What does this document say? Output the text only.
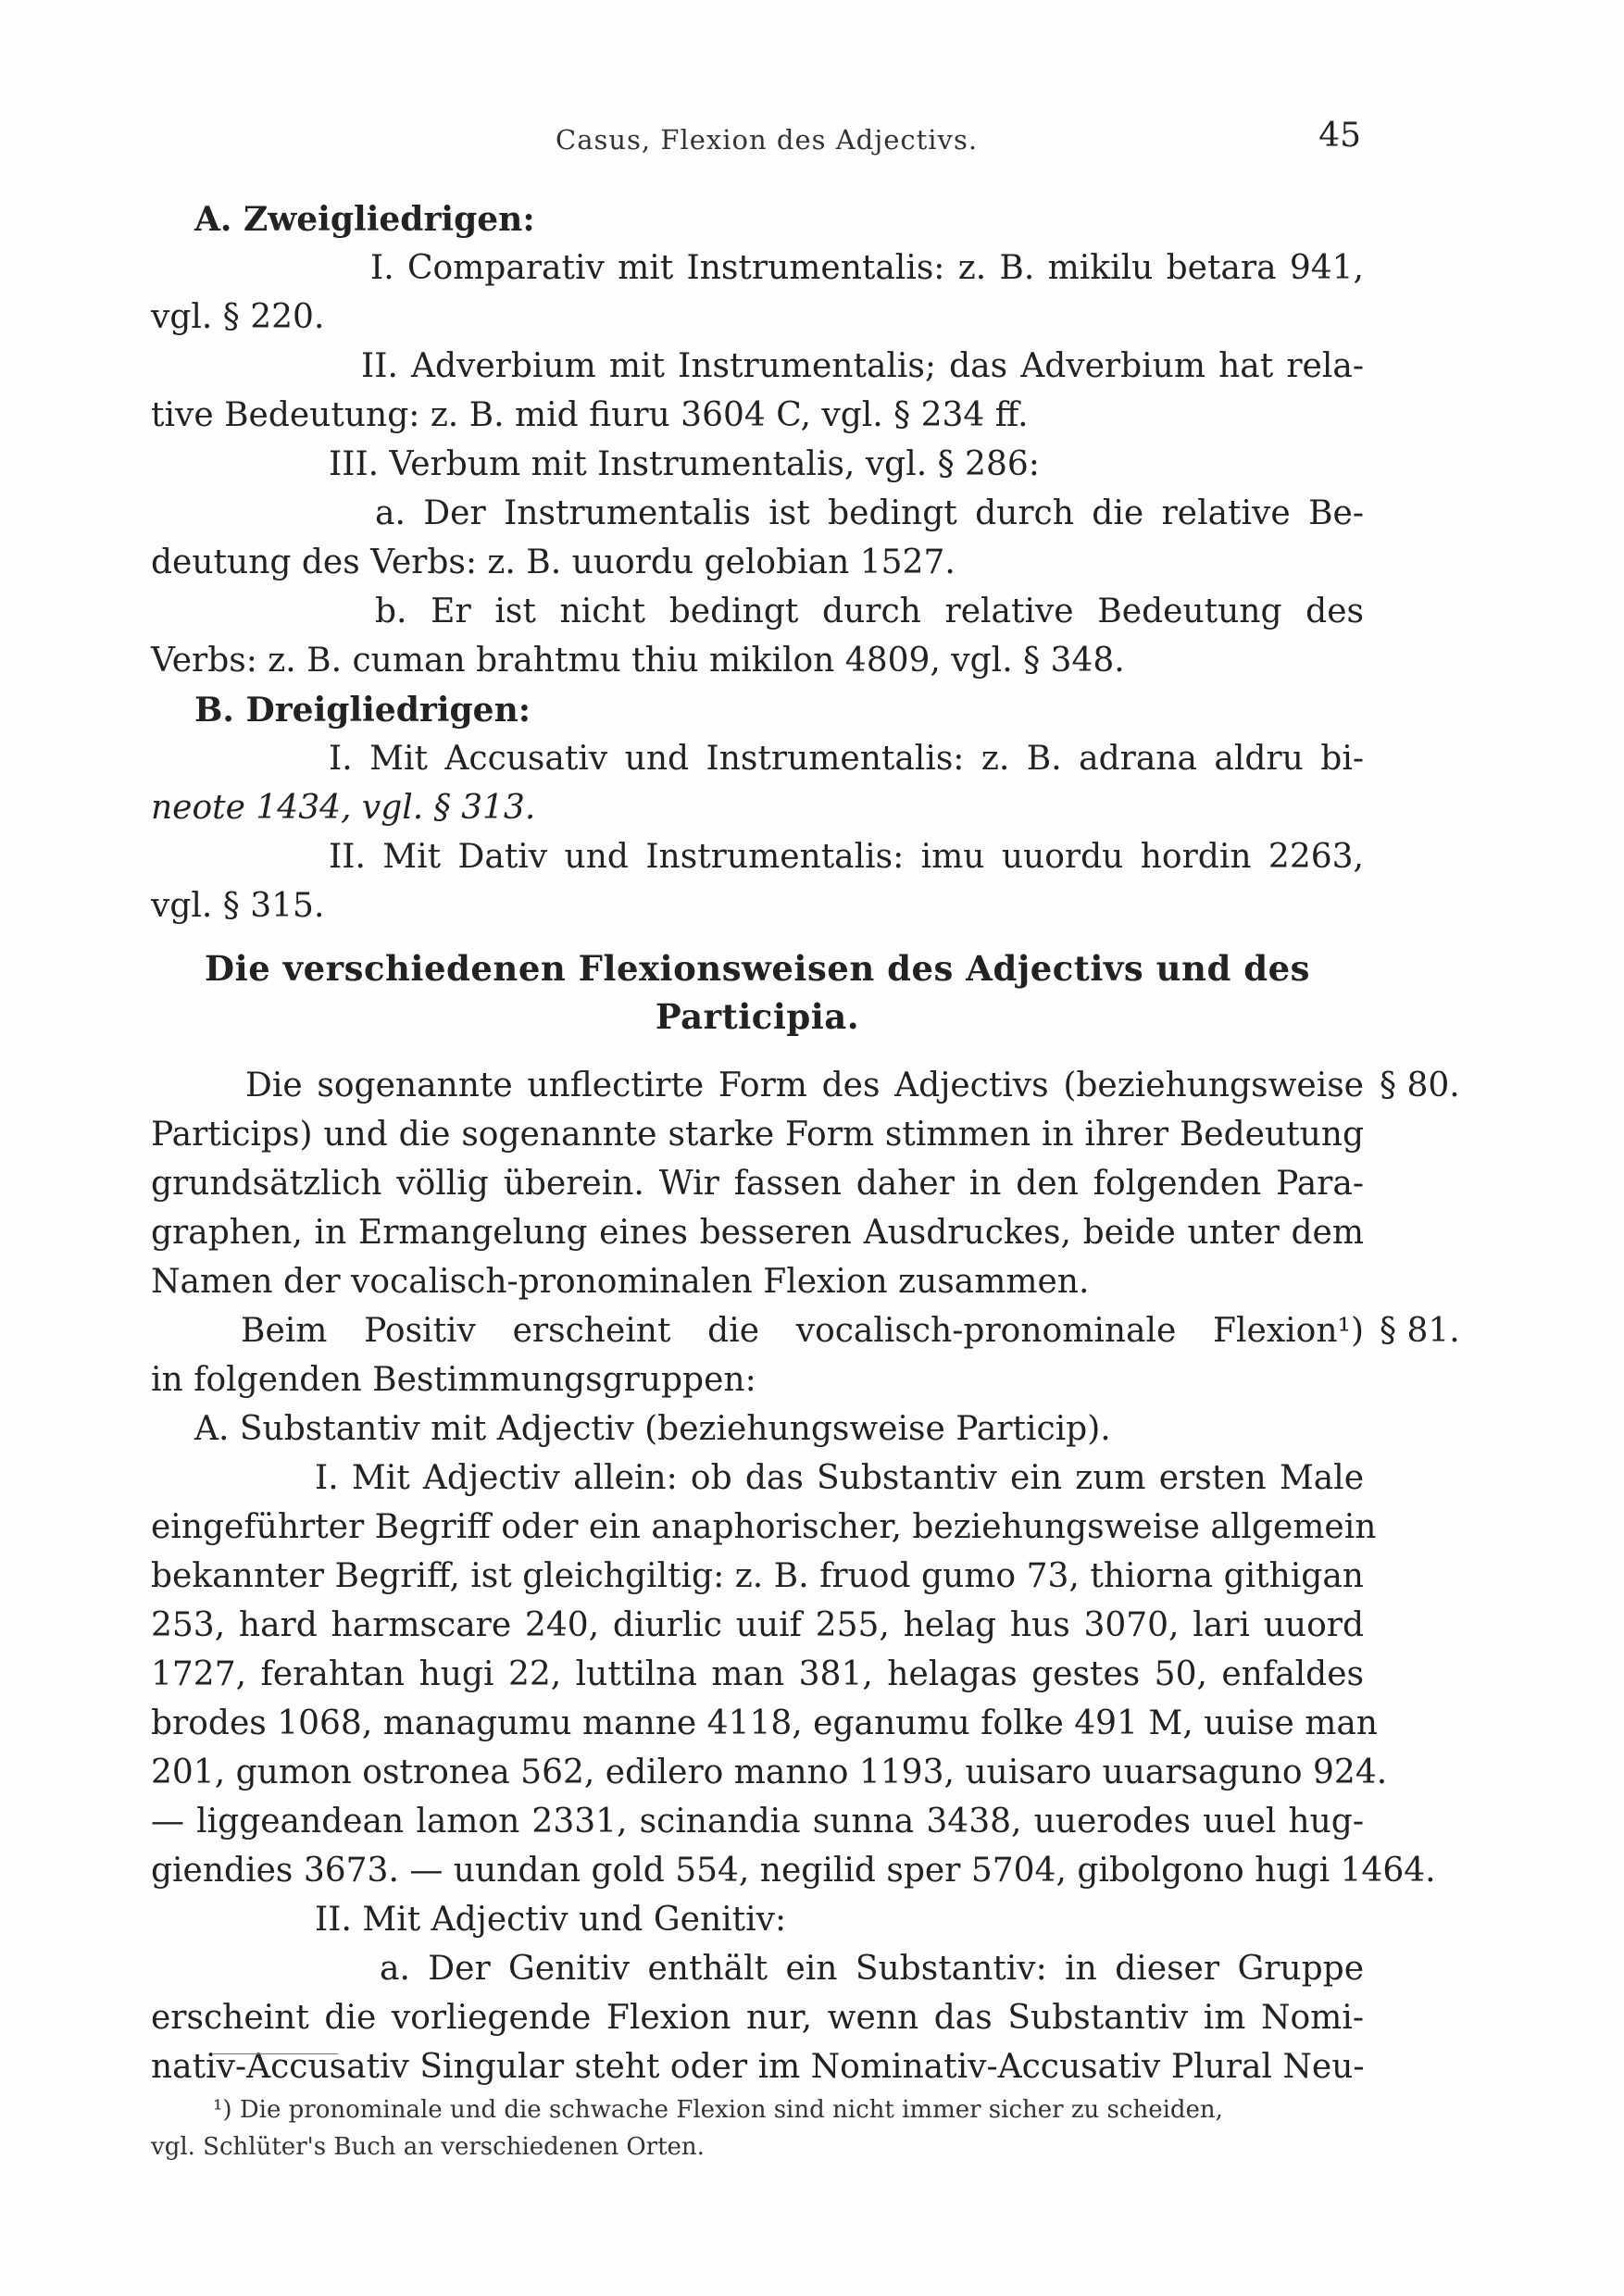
Casus, Flexion des Adjectivs.	45
A. Zweigliedrigen:
I. Comparativ mit Instrumentalis: z. B. mikilu betara 941,
vgl. § 220.
II. Adverbium mit Instrumentalis; das Adverbium hat rela-
tive Bedeutung: z. B. mid fiuru 3604 C, vgl. § 234 ff.
III. Verbum mit Instrumentalis, vgl. § 286:
a. Der Instrumentalis ist bedingt durch die relative Be-
deutung des Verbs: z. B. uuordu gelobian 1527.
b. Er ist nicht bedingt durch relative Bedeutung des
Verbs: z. B. cuman brahtmu thiu mikilon 4809, vgl. § 348.
B. Dreigliedrigen:
I. Mit Accusativ und Instrumentalis: z. B. adrana aldru bi-
neote 1434, vgl. § 313.
II. Mit Dativ und Instrumentalis: imu uuordu hordin 2263,
vgl. § 315.
Die verschiedenen Flexionsweisen des Adjectivs und des
Participia.
Die sogenannte unflectirte Form des Adjectivs (beziehungsweise § 80.
Particips) und die sogenannte starke Form stimmen in ihrer Bedeutung
grundsätzlich völlig überein. Wir fassen daher in den folgenden Para-
graphen, in Ermangelung eines besseren Ausdruckes, beide unter dem
Namen der vocalisch-pronominalen Flexion zusammen.
Beim Positiv erscheint die vocalisch-pronominale Flexion¹) § 81.
in folgenden Bestimmungsgruppen:
A. Substantiv mit Adjectiv (beziehungsweise Particip).
I. Mit Adjectiv allein: ob das Substantiv ein zum ersten Male
eingeführter Begriff oder ein anaphorischer, beziehungsweise allgemein
bekannter Begriff, ist gleichgiltig: z. B. fruod gumo 73, thiorna githigan
253, hard harmscare 240, diurlic uuif 255, helag hus 3070, lari uuord
1727, ferahtan hugi 22, luttilna man 381, helagas gestes 50, enfaldes
brodes 1068, managumu manne 4118, eganumu folke 491 M, uuise man
201, gumon ostronea 562, edilero manno 1193, uuisaro uuarsaguno 924.
— liggeandean lamon 2331, scinandia sunna 3438, uuerodes uuel hug-
giendies 3673. — uundan gold 554, negilid sper 5704, gibolgono hugi 1464.
II. Mit Adjectiv und Genitiv:
a. Der Genitiv enthält ein Substantiv: in dieser Gruppe
erscheint die vorliegende Flexion nur, wenn das Substantiv im Nomi-
nativ-Accusativ Singular steht oder im Nominativ-Accusativ Plural Neu-
¹) Die pronominale und die schwache Flexion sind nicht immer sicher zu scheiden,
vgl. Schlüter's Buch an verschiedenen Orten.
